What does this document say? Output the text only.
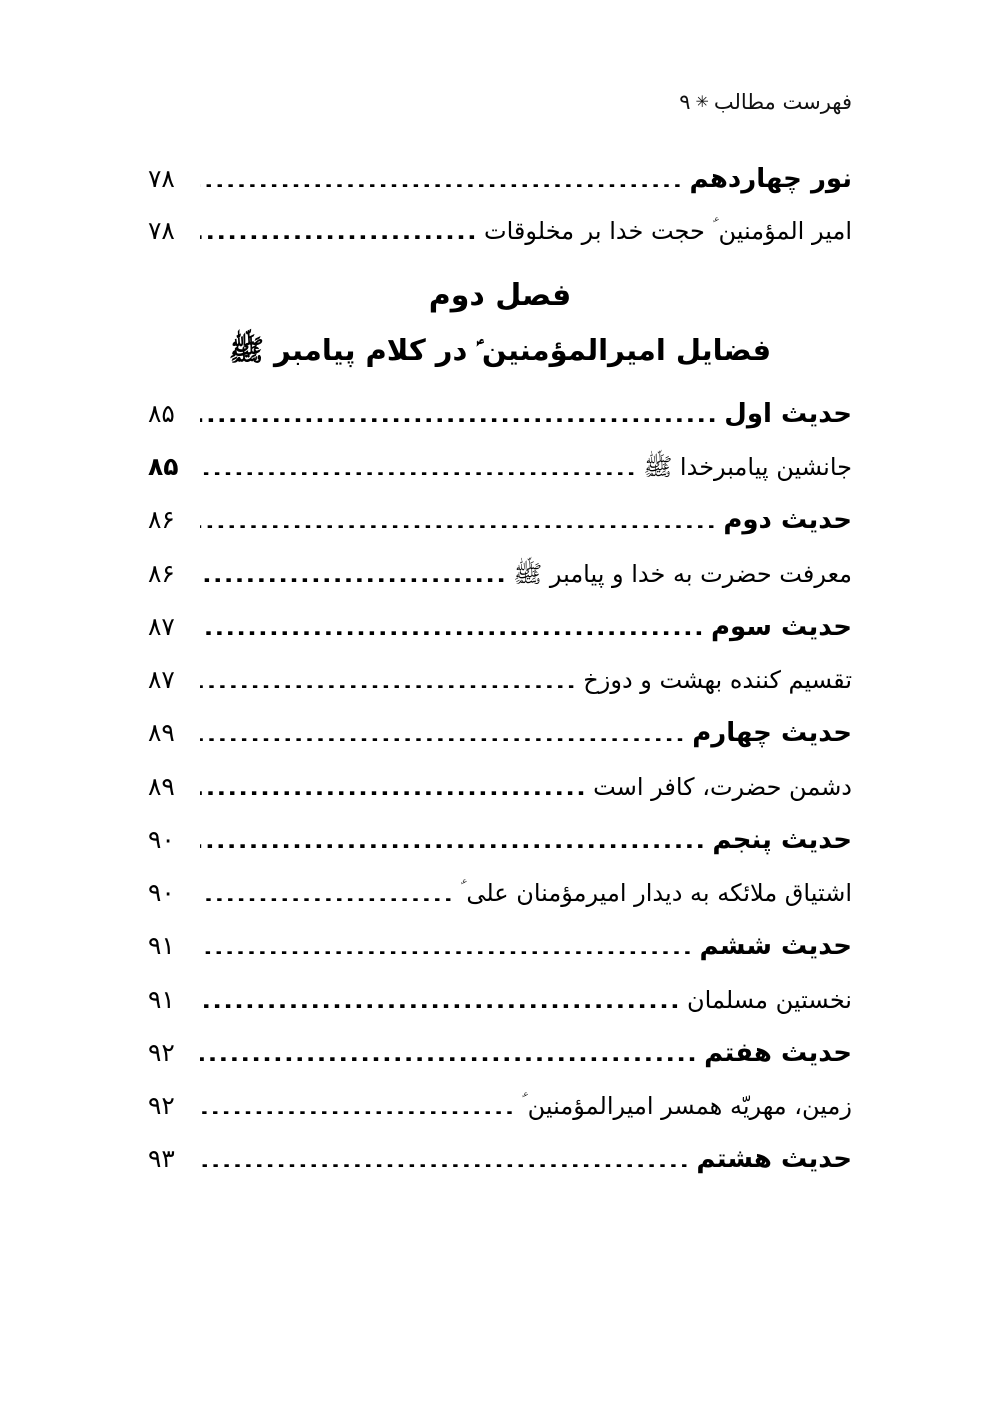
فهرست مطالب✳۹
نور چهاردهم
.....
۷۸
امیر المؤمنین ؑ حجت خدا بر مخلوقات
.....
۷۸
فصل دوم
فضایل امیرالمؤمنین ؑ در کلام پیامبر ﷺ
حدیث اول
.....
۸۵
جانشین پیامبرخدا ﷺ
.....
۸۵
حدیث دوم
.....
۸۶
معرفت حضرت به خدا و پیامبر ﷺ
.....
۸۶
حدیث سوم
.....
۸۷
تقسیم کننده بهشت و دوزخ
.....
۸۷
حدیث چهارم
.....
۸۹
دشمن حضرت، کافر است
.....
۸۹
حدیث پنجم
.....
۹۰
اشتیاق ملائکه به دیدار امیرمؤمنان علی ؑ
.....
۹۰
حدیث ششم
.....
۹۱
نخستین مسلمان
.....
۹۱
حدیث هفتم
.....
۹۲
زمین، مهریّه همسر امیرالمؤمنین ؑ
.....
۹۲
حدیث هشتم
.....
۹۳
